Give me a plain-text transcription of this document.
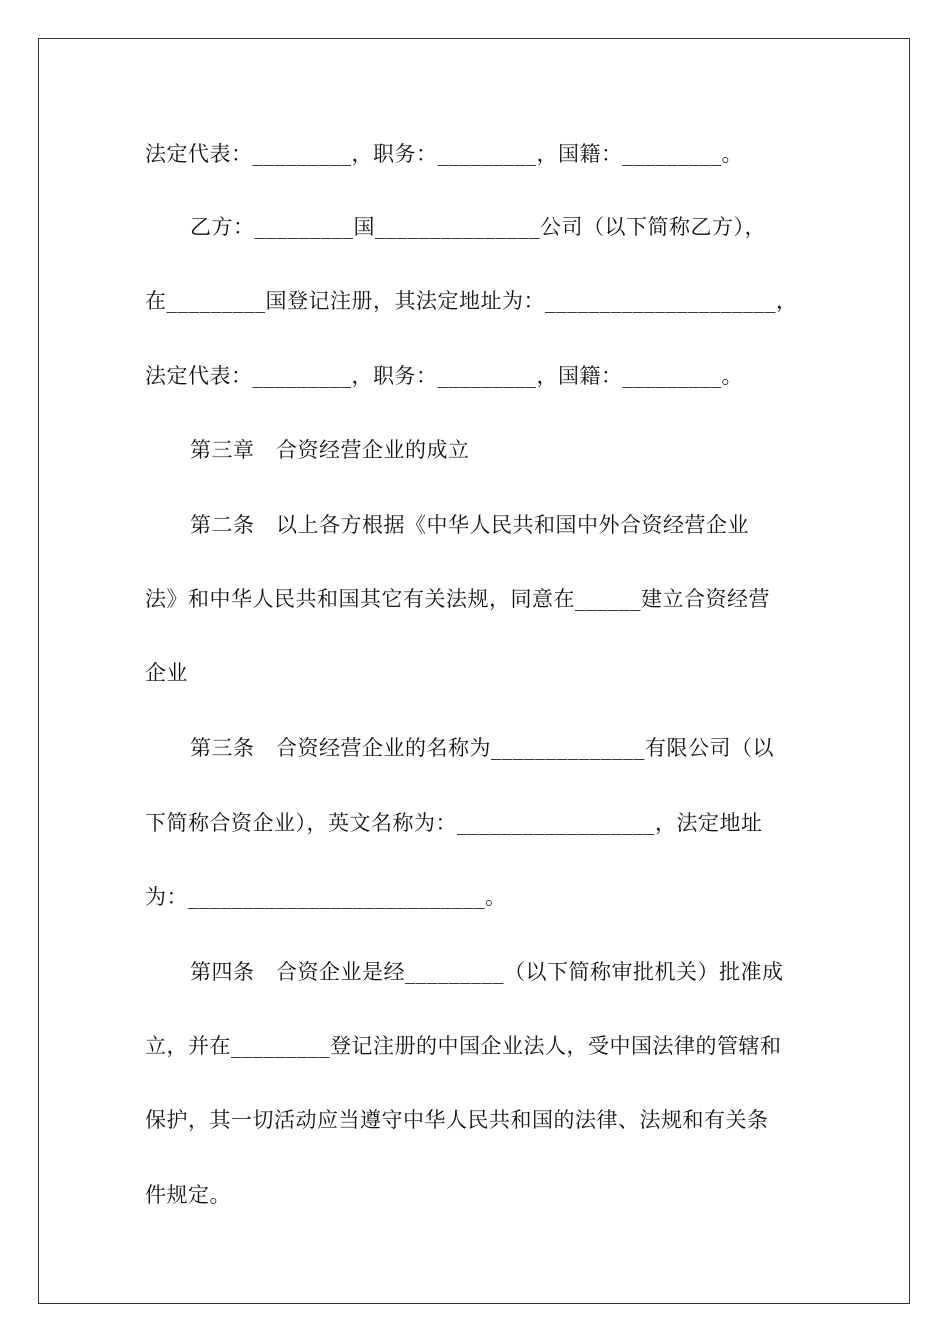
法定代表：_________，职务：_________，国籍：_________。
乙方：_________国_______________公司（以下简称乙方），
在_________国登记注册，其法定地址为：_____________________，
法定代表：_________，职务：_________，国籍：_________。
第三章　合资经营企业的成立
第二条　以上各方根据《中华人民共和国中外合资经营企业
法》和中华人民共和国其它有关法规，同意在______建立合资经营
企业
第三条　合资经营企业的名称为______________有限公司（以
下简称合资企业），英文名称为：__________________，法定地址
为：___________________________。
第四条　合资企业是经_________（以下简称审批机关）批准成
立，并在_________登记注册的中国企业法人，受中国法律的管辖和
保护，其一切活动应当遵守中华人民共和国的法律、法规和有关条
件规定。
